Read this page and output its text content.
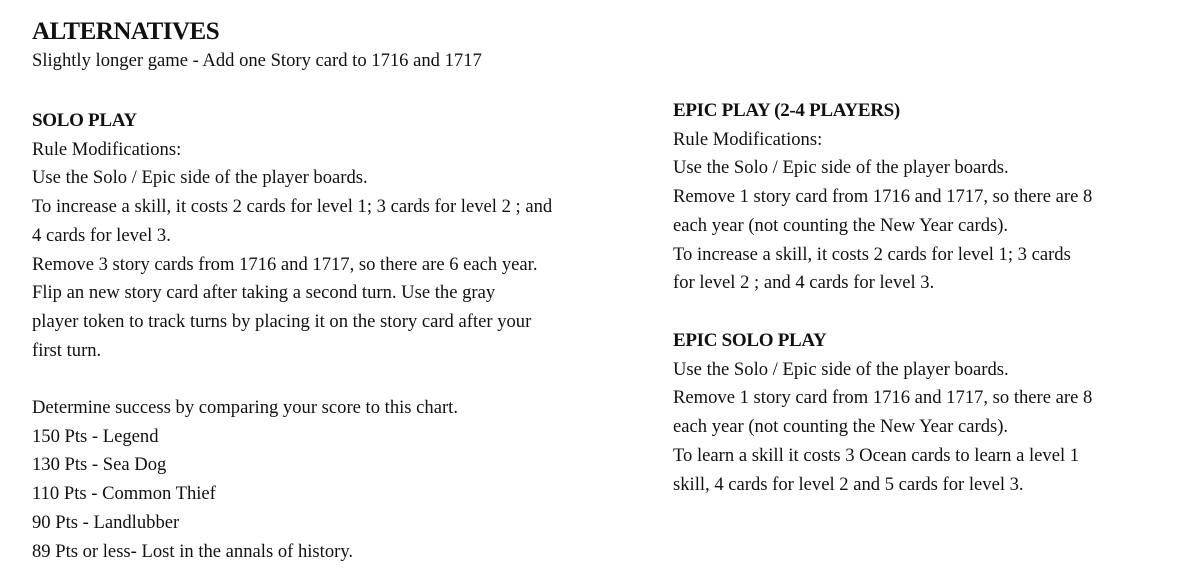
ALTERNATIVES
Slightly longer game - Add one Story card to 1716 and 1717
SOLO PLAY
Rule Modifications:
Use the Solo / Epic side of the player boards.
To increase a skill, it costs 2 cards for level 1; 3 cards for level 2 ; and
4 cards for level 3.
Remove 3 story cards from 1716 and 1717, so there are 6 each year.
Flip an new story card after taking a second turn. Use the gray
player token to track turns by placing it on the story card after your
first turn.

Determine success by comparing your score to this chart.
150 Pts - Legend
130 Pts - Sea Dog
110 Pts - Common Thief
90 Pts - Landlubber
89 Pts or less- Lost in the annals of history.
EPIC PLAY (2-4 PLAYERS)
Rule Modifications:
Use the Solo / Epic side of the player boards.
Remove 1 story card from 1716 and 1717, so there are 8
each year (not counting the New Year cards).
To increase a skill, it costs 2 cards for level 1; 3 cards
for level 2 ; and 4 cards for level 3.
EPIC SOLO PLAY
Use the Solo / Epic side of the player boards.
Remove 1 story card from 1716 and 1717, so there are 8
each year (not counting the New Year cards).
To learn a skill it costs 3 Ocean cards to learn a level 1
skill, 4 cards for level 2 and 5 cards for level 3.
